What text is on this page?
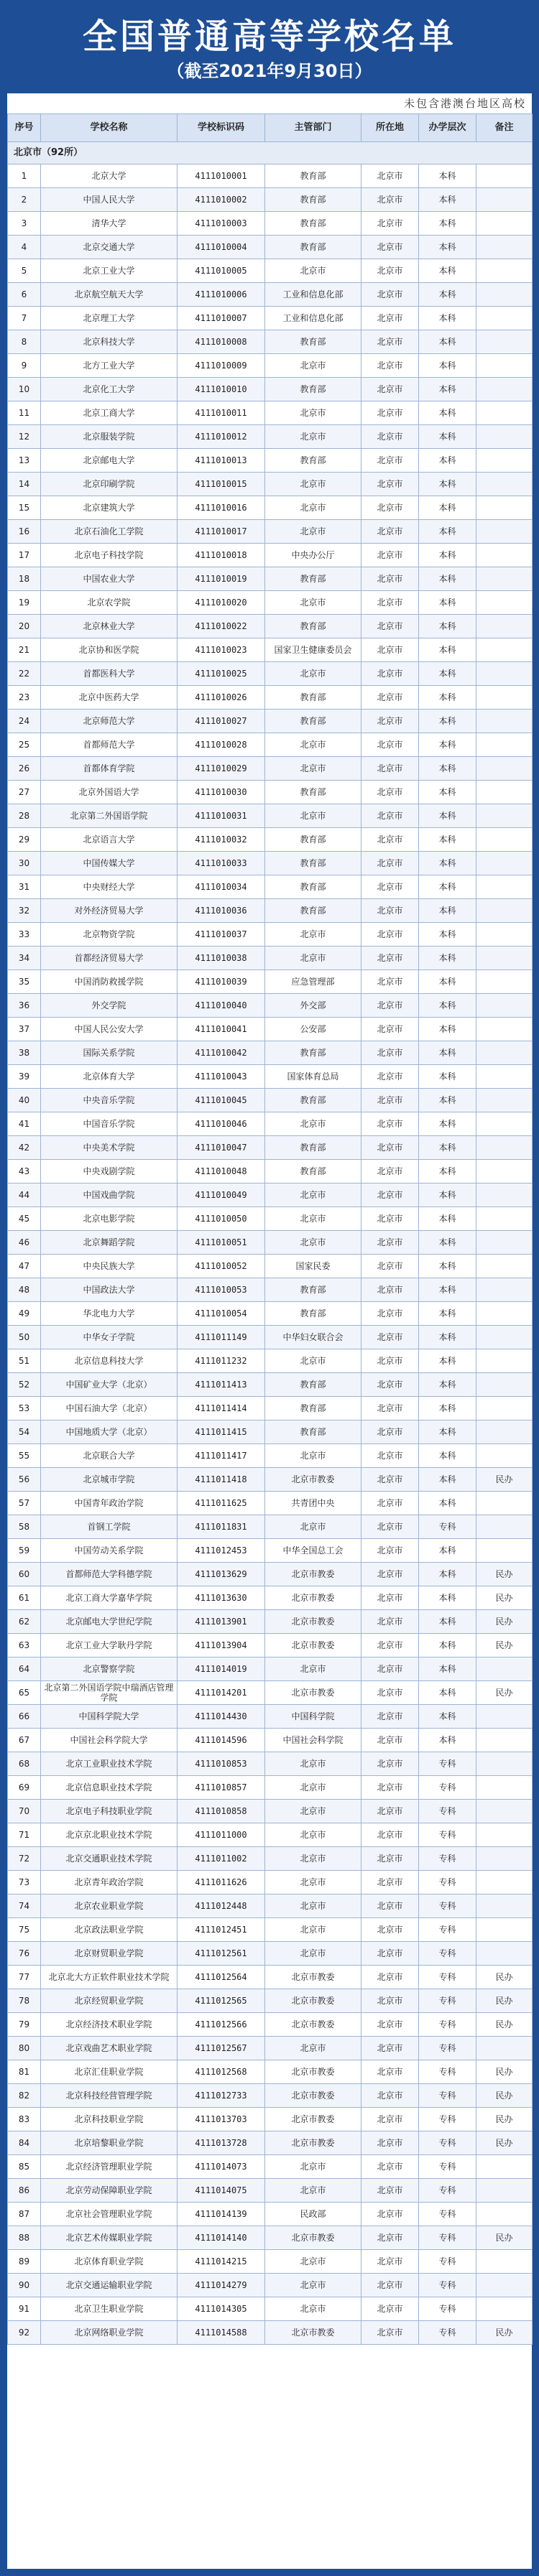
全国普通高等学校名单
（截至2021年9月30日）
未包含港澳台地区高校
序号	学校名称	学校标识码	主管部门	所在地	办学层次	备注
北京市（92所）						
1	北京大学	4111010001	教育部	北京市	本科	
2	中国人民大学	4111010002	教育部	北京市	本科	
3	清华大学	4111010003	教育部	北京市	本科	
4	北京交通大学	4111010004	教育部	北京市	本科	
5	北京工业大学	4111010005	北京市	北京市	本科	
6	北京航空航天大学	4111010006	工业和信息化部	北京市	本科	
7	北京理工大学	4111010007	工业和信息化部	北京市	本科	
8	北京科技大学	4111010008	教育部	北京市	本科	
9	北方工业大学	4111010009	北京市	北京市	本科	
10	北京化工大学	4111010010	教育部	北京市	本科	
11	北京工商大学	4111010011	北京市	北京市	本科	
12	北京服装学院	4111010012	北京市	北京市	本科	
13	北京邮电大学	4111010013	教育部	北京市	本科	
14	北京印刷学院	4111010015	北京市	北京市	本科	
15	北京建筑大学	4111010016	北京市	北京市	本科	
16	北京石油化工学院	4111010017	北京市	北京市	本科	
17	北京电子科技学院	4111010018	中央办公厅	北京市	本科	
18	中国农业大学	4111010019	教育部	北京市	本科	
19	北京农学院	4111010020	北京市	北京市	本科	
20	北京林业大学	4111010022	教育部	北京市	本科	
21	北京协和医学院	4111010023	国家卫生健康委员会	北京市	本科	
22	首都医科大学	4111010025	北京市	北京市	本科	
23	北京中医药大学	4111010026	教育部	北京市	本科	
24	北京师范大学	4111010027	教育部	北京市	本科	
25	首都师范大学	4111010028	北京市	北京市	本科	
26	首都体育学院	4111010029	北京市	北京市	本科	
27	北京外国语大学	4111010030	教育部	北京市	本科	
28	北京第二外国语学院	4111010031	北京市	北京市	本科	
29	北京语言大学	4111010032	教育部	北京市	本科	
30	中国传媒大学	4111010033	教育部	北京市	本科	
31	中央财经大学	4111010034	教育部	北京市	本科	
32	对外经济贸易大学	4111010036	教育部	北京市	本科	
33	北京物资学院	4111010037	北京市	北京市	本科	
34	首都经济贸易大学	4111010038	北京市	北京市	本科	
35	中国消防救援学院	4111010039	应急管理部	北京市	本科	
36	外交学院	4111010040	外交部	北京市	本科	
37	中国人民公安大学	4111010041	公安部	北京市	本科	
38	国际关系学院	4111010042	教育部	北京市	本科	
39	北京体育大学	4111010043	国家体育总局	北京市	本科	
40	中央音乐学院	4111010045	教育部	北京市	本科	
41	中国音乐学院	4111010046	北京市	北京市	本科	
42	中央美术学院	4111010047	教育部	北京市	本科	
43	中央戏剧学院	4111010048	教育部	北京市	本科	
44	中国戏曲学院	4111010049	北京市	北京市	本科	
45	北京电影学院	4111010050	北京市	北京市	本科	
46	北京舞蹈学院	4111010051	北京市	北京市	本科	
47	中央民族大学	4111010052	国家民委	北京市	本科	
48	中国政法大学	4111010053	教育部	北京市	本科	
49	华北电力大学	4111010054	教育部	北京市	本科	
50	中华女子学院	4111011149	中华妇女联合会	北京市	本科	
51	北京信息科技大学	4111011232	北京市	北京市	本科	
52	中国矿业大学（北京）	4111011413	教育部	北京市	本科	
53	中国石油大学（北京）	4111011414	教育部	北京市	本科	
54	中国地质大学（北京）	4111011415	教育部	北京市	本科	
55	北京联合大学	4111011417	北京市	北京市	本科	
56	北京城市学院	4111011418	北京市教委	北京市	本科	民办
57	中国青年政治学院	4111011625	共青团中央	北京市	本科	
58	首钢工学院	4111011831	北京市	北京市	专科	
59	中国劳动关系学院	4111012453	中华全国总工会	北京市	本科	
60	首都师范大学科德学院	4111013629	北京市教委	北京市	本科	民办
61	北京工商大学嘉华学院	4111013630	北京市教委	北京市	本科	民办
62	北京邮电大学世纪学院	4111013901	北京市教委	北京市	本科	民办
63	北京工业大学耿丹学院	4111013904	北京市教委	北京市	本科	民办
64	北京警察学院	4111014019	北京市	北京市	本科	
65	北京第二外国语学院中瑞酒店管理学院	4111014201	北京市教委	北京市	本科	民办
66	中国科学院大学	4111014430	中国科学院	北京市	本科	
67	中国社会科学院大学	4111014596	中国社会科学院	北京市	本科	
68	北京工业职业技术学院	4111010853	北京市	北京市	专科	
69	北京信息职业技术学院	4111010857	北京市	北京市	专科	
70	北京电子科技职业学院	4111010858	北京市	北京市	专科	
71	北京京北职业技术学院	4111011000	北京市	北京市	专科	
72	北京交通职业技术学院	4111011002	北京市	北京市	专科	
73	北京青年政治学院	4111011626	北京市	北京市	专科	
74	北京农业职业学院	4111012448	北京市	北京市	专科	
75	北京政法职业学院	4111012451	北京市	北京市	专科	
76	北京财贸职业学院	4111012561	北京市	北京市	专科	
77	北京北大方正软件职业技术学院	4111012564	北京市教委	北京市	专科	民办
78	北京经贸职业学院	4111012565	北京市教委	北京市	专科	民办
79	北京经济技术职业学院	4111012566	北京市教委	北京市	专科	民办
80	北京戏曲艺术职业学院	4111012567	北京市	北京市	专科	
81	北京汇佳职业学院	4111012568	北京市教委	北京市	专科	民办
82	北京科技经营管理学院	4111012733	北京市教委	北京市	专科	民办
83	北京科技职业学院	4111013703	北京市教委	北京市	专科	民办
84	北京培黎职业学院	4111013728	北京市教委	北京市	专科	民办
85	北京经济管理职业学院	4111014073	北京市	北京市	专科	
86	北京劳动保障职业学院	4111014075	北京市	北京市	专科	
87	北京社会管理职业学院	4111014139	民政部	北京市	专科	
88	北京艺术传媒职业学院	4111014140	北京市教委	北京市	专科	民办
89	北京体育职业学院	4111014215	北京市	北京市	专科	
90	北京交通运输职业学院	4111014279	北京市	北京市	专科	
91	北京卫生职业学院	4111014305	北京市	北京市	专科	
92	北京网络职业学院	4111014588	北京市教委	北京市	专科	民办
